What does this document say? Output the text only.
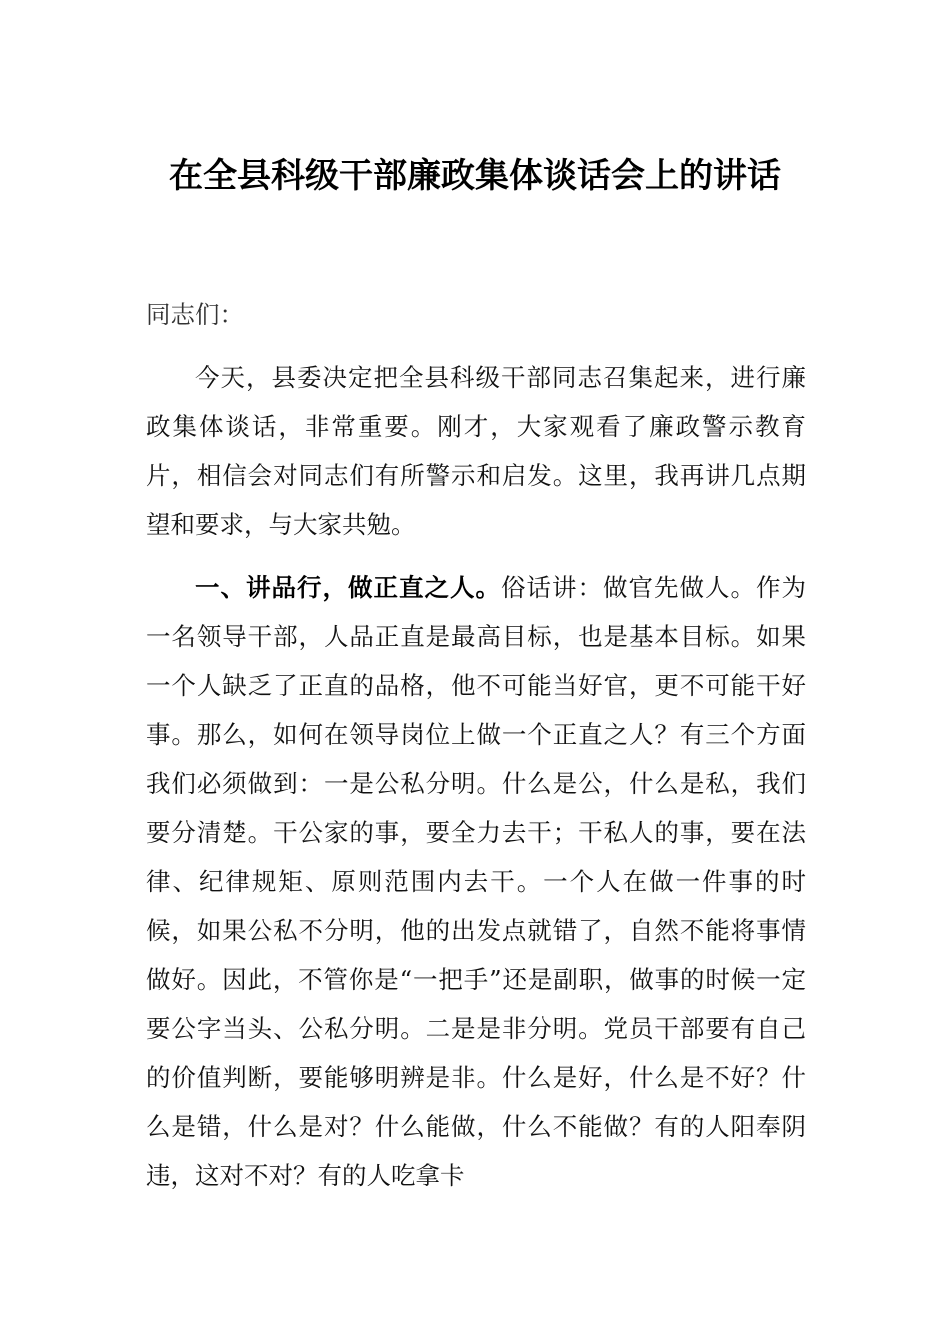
在全县科级干部廉政集体谈话会上的讲话

同志们：

今天，县委决定把全县科级干部同志召集起来，进行廉政集体谈话，非常重要。刚才，大家观看了廉政警示教育片，相信会对同志们有所警示和启发。这里，我再讲几点期望和要求，与大家共勉。

一、讲品行，做正直之人。俗话讲：做官先做人。作为一名领导干部，人品正直是最高目标，也是基本目标。如果一个人缺乏了正直的品格，他不可能当好官，更不可能干好事。那么，如何在领导岗位上做一个正直之人？有三个方面我们必须做到：一是公私分明。什么是公，什么是私，我们要分清楚。干公家的事，要全力去干；干私人的事，要在法律、纪律规矩、原则范围内去干。一个人在做一件事的时候，如果公私不分明，他的出发点就错了，自然不能将事情做好。因此，不管你是“一把手”还是副职，做事的时候一定要公字当头、公私分明。二是是非分明。党员干部要有自己的价值判断，要能够明辨是非。什么是好，什么是不好？什么是错，什么是对？什么能做，什么不能做？有的人阳奉阴违，这对不对？有的人吃拿卡
